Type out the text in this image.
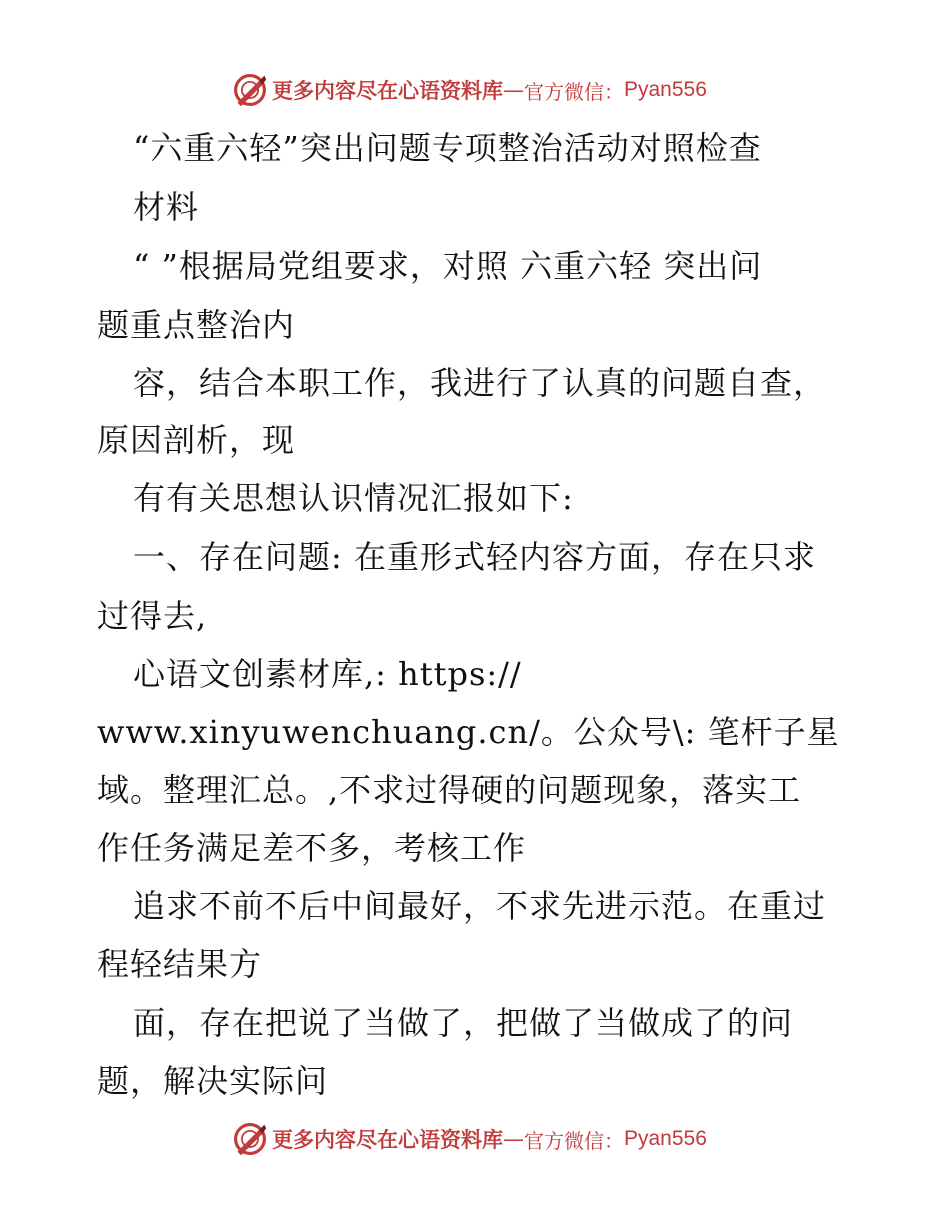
更多内容尽在心语资料库 — 官方微信： Pyan556
“六重六轻”突出问题专项整治活动对照检查
材料
“ ”根据局党组要求，对照 六重六轻 突出问
题重点整治内
容，结合本职工作，我进行了认真的问题自查，
原因剖析，现
有有关思想认识情况汇报如下:
一、存在问题: 在重形式轻内容方面，存在只求
过得去,
心语文创素材库,: https://
www.xinyuwenchuang.cn/。公众号\: 笔杆子星
域。整理汇总。,不求过得硬的问题现象，落实工
作任务满足差不多，考核工作
追求不前不后中间最好，不求先进示范。在重过
程轻结果方
面，存在把说了当做了，把做了当做成了的问
题，解决实际问
更多内容尽在心语资料库 — 官方微信： Pyan556
